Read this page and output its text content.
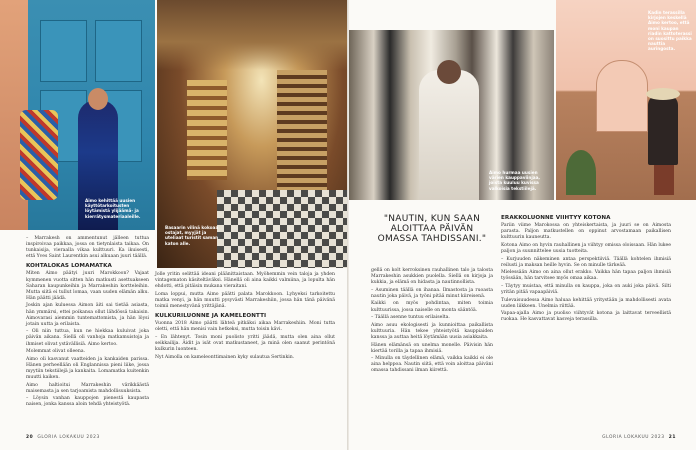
Aimo kehittää uusien käyttötarkoitusten löytämistä ylijäämä- ja kierrätysmateriaaleille.
Basaarin vilinä kokoaa ostajat, myyjät ja uteliaat turistit saman katon alle.

– Marrakesh on ammentunut jälleen tuttua inspiroivaa paikkaa, jossa on tietynlaista taikaa. On tunkaisija, vieraalla vikaa kulttuuri. Ka ikuisesti, että Yves Saint Laurentkin asui alkuaan juuri täällä.

KOHTALOKAS LOMAMATKA

Miten Aimo päätyi juuri Marokkoon? Vajaat kymmenen vuotta sitten hän matkusti asettuakseen Saharan kaupunkeihin ja Marrakeshin kortteleihin. Mutta siitä ei tullut lomaa, vaan uuden elämän alku. Hän päätti jäädä.

Joskin ajan kuluessa Aimon äiti sai tietää asiasta, hän ymmärsi, ettei poikansa ollut lähdössä takaisin. Aimovarasi aiemmin tuntemattomista, ja hän löysi jotain uutta ja erilaista.

– Oli niin tuttua, kun ne hiekkaa kuluivat joka päivän aikana. Siellä oli vanhoja matkamuistoja ja ihmiset olivat ystävällisiä. Aimo kertoo.

Molemmat olivat olleena.

Aimo oli kasvanut vaatteiden ja kankaiden parissa. Hänen perheellään oli Englannissa pieni liike, jossa myytiin tekstiilejä ja kankaita. Lomamatka kuitenkin muutti kaiken.

Aimo haltioitui Marrakeshin värikkäästä maisemasta ja sen tarjoamista mahdollisuuksista.

– Löysin vanhan kauppojen pienestä kaupasta naisen, jonka kanssa aloin tehdä yhteistyötä.

Jolle yritin selittää ideani pläänittaistaan. Myöhemmin vein taloja ja yhden vintagematon käsiteltäväksi. Hänellä oli aina kaikki valmiina, ja lopulta hän ehdotti, että pitäisin mukana vieraitani.

Loma loppui, mutta Aimo päätti palata Marokkoon. Lyhyeksi tarkoitettu matka venyi, ja hän muutti pysyvästi Marrakeshiin, jossa hän tänä päivänä toimii menestyvänä yrittäjänä.

KULKURILUONNE JA KAMELEONTTI

Vuonna 2018 Aimo päätti lähteä pitkäksi aikaa Marrakeshiin. Moni tutta oletti, että hän menisi vain hetkeksi, mutta toisin kävi.

– En lähtenyt. Tosin moni puolisto yritti jäädä, mutta olen aina ollut seikkailija. Äidit ja isät ovat matkustaneet, ja minä olen saanut perintönä kulkurin luonteen.

Nyt Aimolla on kameleonttimainen kyky sulautua Sertinkin.

20 GLORIA LOKAKUU 2023
Aimo hurmaa uusien värien kauppaviinjaa, joista kuuluu kuvissa valkoisia tekstiilejä.
Kadin terassilla kirjojen keskellä Aimo kertoo, että moni kaupan riadin kattoterassi on suosittu paikka nauttia auringosta.
"NAUTIN, KUN SAAN ALOITTAA PÄIVÄN OMASSA TAHDISSANI."

gellä on kolt kerroksinen rauhallinen talo ja talosta Marrakeshin asukkien puolella. Siellä on kirjoja ja kukkia, ja elämä on hidasta ja nautinnollista.

– Asuminen täällä on ihanaa. Ilmastosta ja ruoasta nautin joka päivä, ja työni pitää minut kiireisenä.

Kaikki on myös pohdintaa, miten toimia kulttuurissa, jossa naiselle on monta sääntöä.

– Täällä asenne tuntuu erilaiselta.

Aimo asuu ekologisesti ja kunnioittaa paikallista kulttuuria. Hän tekee yhteistyötä kauppiaiden kanssa ja auttaa heitä löytämään uusia asiakkaita.

Hänen elämänsä on unelma monelle. Päivisin hän kiertää torilla ja tapaa ihmisiä.

– Minulla on täydellinen elämä, vaikka kaikki ei ole aina helppoa. Nautin siitä, että voin aloittaa päiväni omassa tahdissani ilman kiirettä.

ERAKKOLUONNE VIIHTYY KOTONA

Pariin viime Marokossa on yhteiskertaista, ja juuri se on Aimosta parasta. Paljon matkustellen on oppinut arvostamaan paikallisen kulttuurin kauneutta.

Kotona Aimo on hyvin rauhallinen ja viihtyy omissa oloissaan. Hän lukee paljon ja suunnittelee uusia tuotteita.

– Kurjuuden näkeminen antaa perspektiiviä. Täällä kohtelen ihmisiä reilusti ja maksan heille hyvin. Se on minulle tärkeää.

Mielessään Aimo on aina ollut erakko. Vaikka hän tapaa paljon ihmisiä työssään, hän tarvitsee myös omaa aikaa.

– Täytyy muistaa, että minulla on kauppa, joka on auki joka päivä. Silti yritän pitää vapaapäiviä.

Tulevaisuudessa Aimo haluaa kehittää yritystään ja mahdollisesti avata uuden liikkeen. Unelmia riittää.

Vapaa-ajalla Aimo ja puoliso viihtyvät kotona ja laittavat terveellistä ruokaa. He kasvattavat kasveja terassilla.

GLORIA LOKAKUU 2023 21
